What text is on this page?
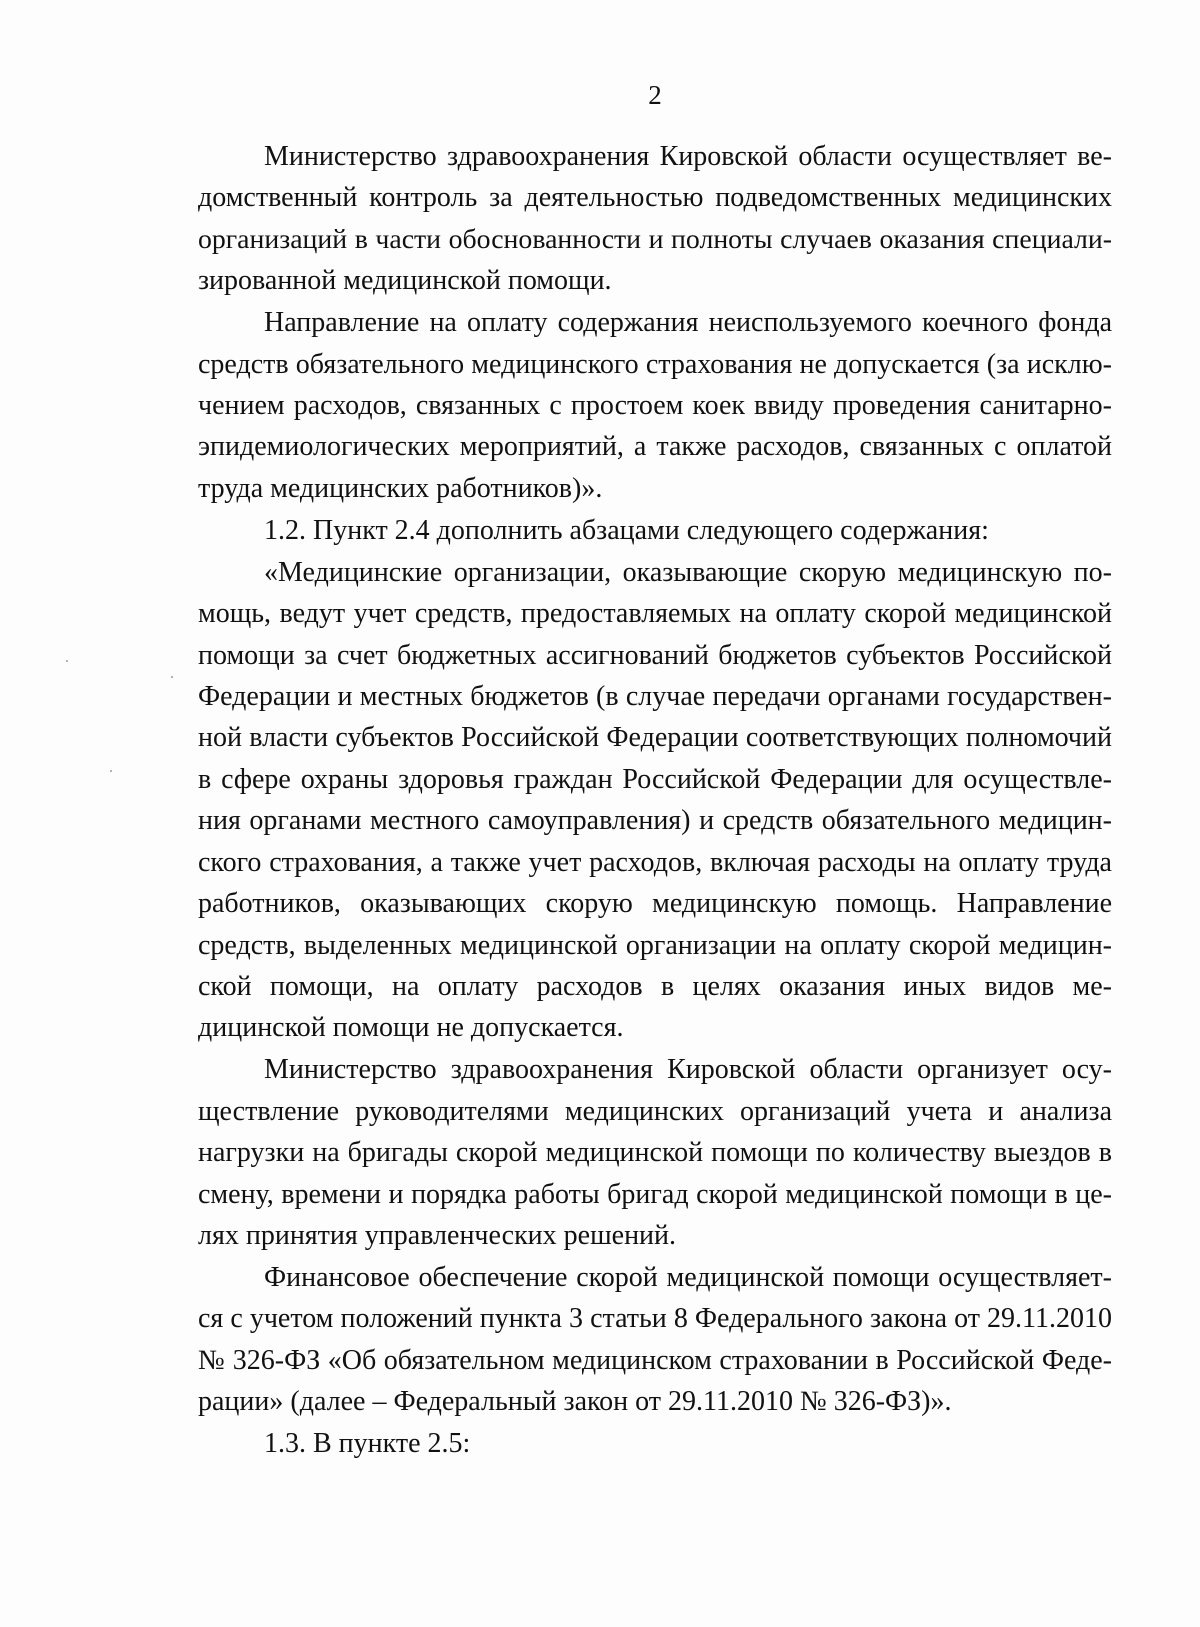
2

Министерство здравоохранения Кировской области осуществляет ве-
домственный контроль за деятельностью подведомственных медицинских
организаций в части обоснованности и полноты случаев оказания специали-
зированной медицинской помощи.

Направление на оплату содержания неиспользуемого коечного фонда
средств обязательного медицинского страхования не допускается (за исклю-
чением расходов, связанных с простоем коек ввиду проведения санитарно-
эпидемиологических мероприятий, а также расходов, связанных с оплатой
труда медицинских работников)».

1.2. Пункт 2.4 дополнить абзацами следующего содержания:

«Медицинские организации, оказывающие скорую медицинскую по-
мощь, ведут учет средств, предоставляемых на оплату скорой медицинской
помощи за счет бюджетных ассигнований бюджетов субъектов Российской
Федерации и местных бюджетов (в случае передачи органами государствен-
ной власти субъектов Российской Федерации соответствующих полномочий
в сфере охраны здоровья граждан Российской Федерации для осуществле-
ния органами местного самоуправления) и средств обязательного медицин-
ского страхования, а также учет расходов, включая расходы на оплату труда
работников, оказывающих скорую медицинскую помощь. Направление
средств, выделенных медицинской организации на оплату скорой медицин-
ской помощи, на оплату расходов в целях оказания иных видов ме-
дицинской помощи не допускается.

Министерство здравоохранения Кировской области организует осу-
ществление руководителями медицинских организаций учета и анализа
нагрузки на бригады скорой медицинской помощи по количеству выездов в
смену, времени и порядка работы бригад скорой медицинской помощи в це-
лях принятия управленческих решений.

Финансовое обеспечение скорой медицинской помощи осуществляет-
ся с учетом положений пункта 3 статьи 8 Федерального закона от 29.11.2010
№ 326-ФЗ «Об обязательном медицинском страховании в Российской Феде-
рации» (далее – Федеральный закон от 29.11.2010 № 326-ФЗ)».

1.3. В пункте 2.5:
